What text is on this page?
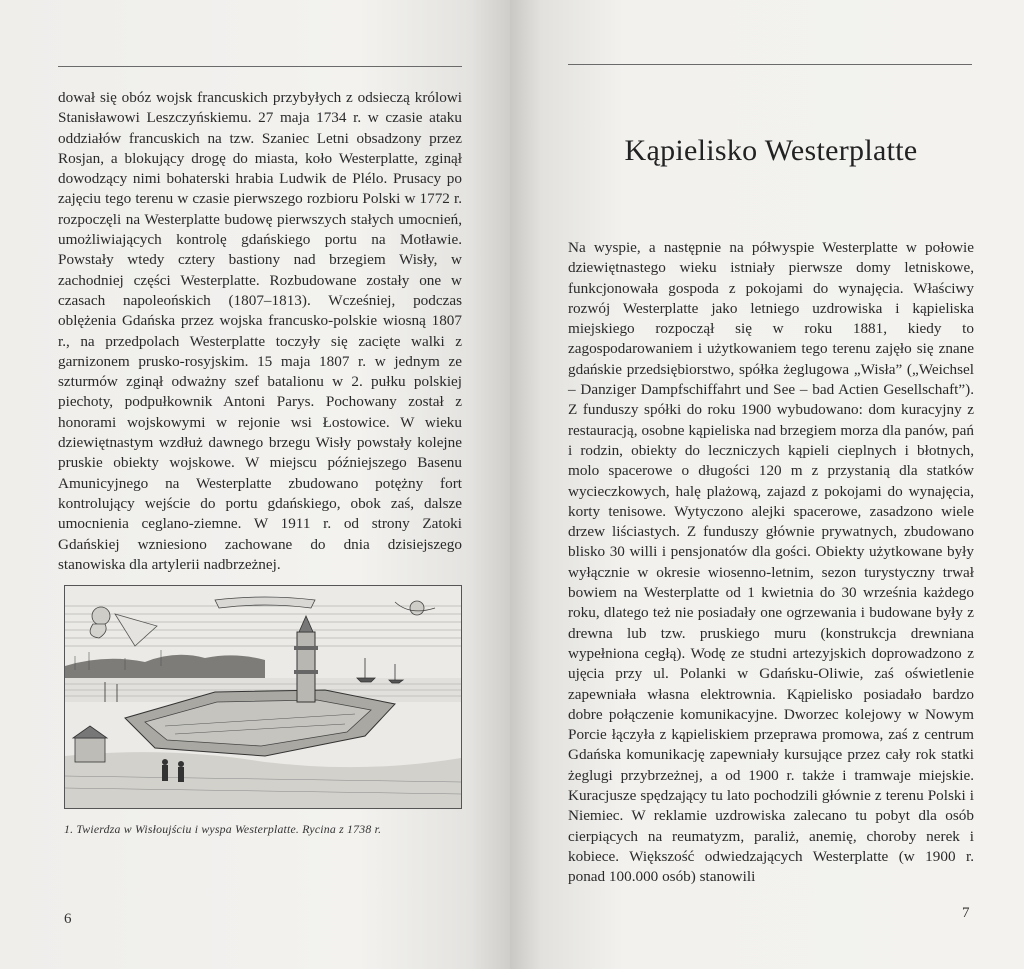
dował się obóz wojsk francuskich przybyłych z odsieczą królowi Stanisławowi Leszczyńskiemu. 27 maja 1734 r. w czasie ataku oddziałów francuskich na tzw. Szaniec Letni obsadzony przez Rosjan, a blokujący drogę do miasta, koło Westerplatte, zginął dowodzący nimi bohaterski hrabia Ludwik de Plélo. Prusacy po zajęciu tego terenu w czasie pierwszego rozbioru Polski w 1772 r. rozpoczęli na Westerplatte budowę pierwszych stałych umocnień, umożliwiających kontrolę gdańskiego portu na Motławie. Powstały wtedy cztery bastiony nad brzegiem Wisły, w zachodniej części Westerplatte. Rozbudowane zostały one w czasach napoleońskich (1807–1813). Wcześniej, podczas oblężenia Gdańska przez wojska francusko-polskie wiosną 1807 r., na przedpolach Westerplatte toczyły się zacięte walki z garnizonem prusko-rosyjskim. 15 maja 1807 r. w jednym ze szturmów zginął odważny szef batalionu w 2. pułku polskiej piechoty, podpułkownik Antoni Parys. Pochowany został z honorami wojskowymi w rejonie wsi Łostowice. W wieku dziewiętnastym wzdłuż dawnego brzegu Wisły powstały kolejne pruskie obiekty wojskowe. W miejscu późniejszego Basenu Amunicyjnego na Westerplatte zbudowano potężny fort kontrolujący wejście do portu gdańskiego, obok zaś, dalsze umocnienia ceglano-ziemne. W 1911 r. od strony Zatoki Gdańskiej wzniesiono zachowane do dnia dzisiejszego stanowiska dla artylerii nadbrzeżnej.

1. Twierdza w Wisłoujściu i wyspa Westerplatte. Rycina z 1738 r.
6
Kąpielisko Westerplatte

Na wyspie, a następnie na półwyspie Westerplatte w połowie dziewiętnastego wieku istniały pierwsze domy letniskowe, funkcjonowała gospoda z pokojami do wynajęcia. Właściwy rozwój Westerplatte jako letniego uzdrowiska i kąpieliska miejskiego rozpoczął się w roku 1881, kiedy to zagospodarowaniem i użytkowaniem tego terenu zajęło się znane gdańskie przedsiębiorstwo, spółka żeglugowa „Wisła” („Weichsel – Danziger Dampfschiffahrt und See – bad Actien Gesellschaft”). Z funduszy spółki do roku 1900 wybudowano: dom kuracyjny z restauracją, osobne kąpieliska nad brzegiem morza dla panów, pań i rodzin, obiekty do leczniczych kąpieli cieplnych i błotnych, molo spacerowe o długości 120 m z przystanią dla statków wycieczkowych, halę plażową, zajazd z pokojami do wynajęcia, korty tenisowe. Wytyczono alejki spacerowe, zasadzono wiele drzew liściastych. Z funduszy głównie prywatnych, zbudowano blisko 30 willi i pensjonatów dla gości. Obiekty użytkowane były wyłącznie w okresie wiosenno-letnim, sezon turystyczny trwał bowiem na Westerplatte od 1 kwietnia do 30 września każdego roku, dlatego też nie posiadały one ogrzewania i budowane były z drewna lub tzw. pruskiego muru (konstrukcja drewniana wypełniona cegłą). Wodę ze studni artezyjskich doprowadzono z ujęcia przy ul. Polanki w Gdańsku-Oliwie, zaś oświetlenie zapewniała własna elektrownia. Kąpielisko posiadało bardzo dobre połączenie komunikacyjne. Dworzec kolejowy w Nowym Porcie łączyła z kąpieliskiem przeprawa promowa, zaś z centrum Gdańska komunikację zapewniały kursujące przez cały rok statki żeglugi przybrzeżnej, a od 1900 r. także i tramwaje miejskie. Kuracjusze spędzający tu lato pochodzili głównie z terenu Polski i Niemiec. W reklamie uzdrowiska zalecano tu pobyt dla osób cierpiących na reumatyzm, paraliż, anemię, choroby nerek i kobiece. Większość odwiedzających Westerplatte (w 1900 r. ponad 100.000 osób) stanowili

7
